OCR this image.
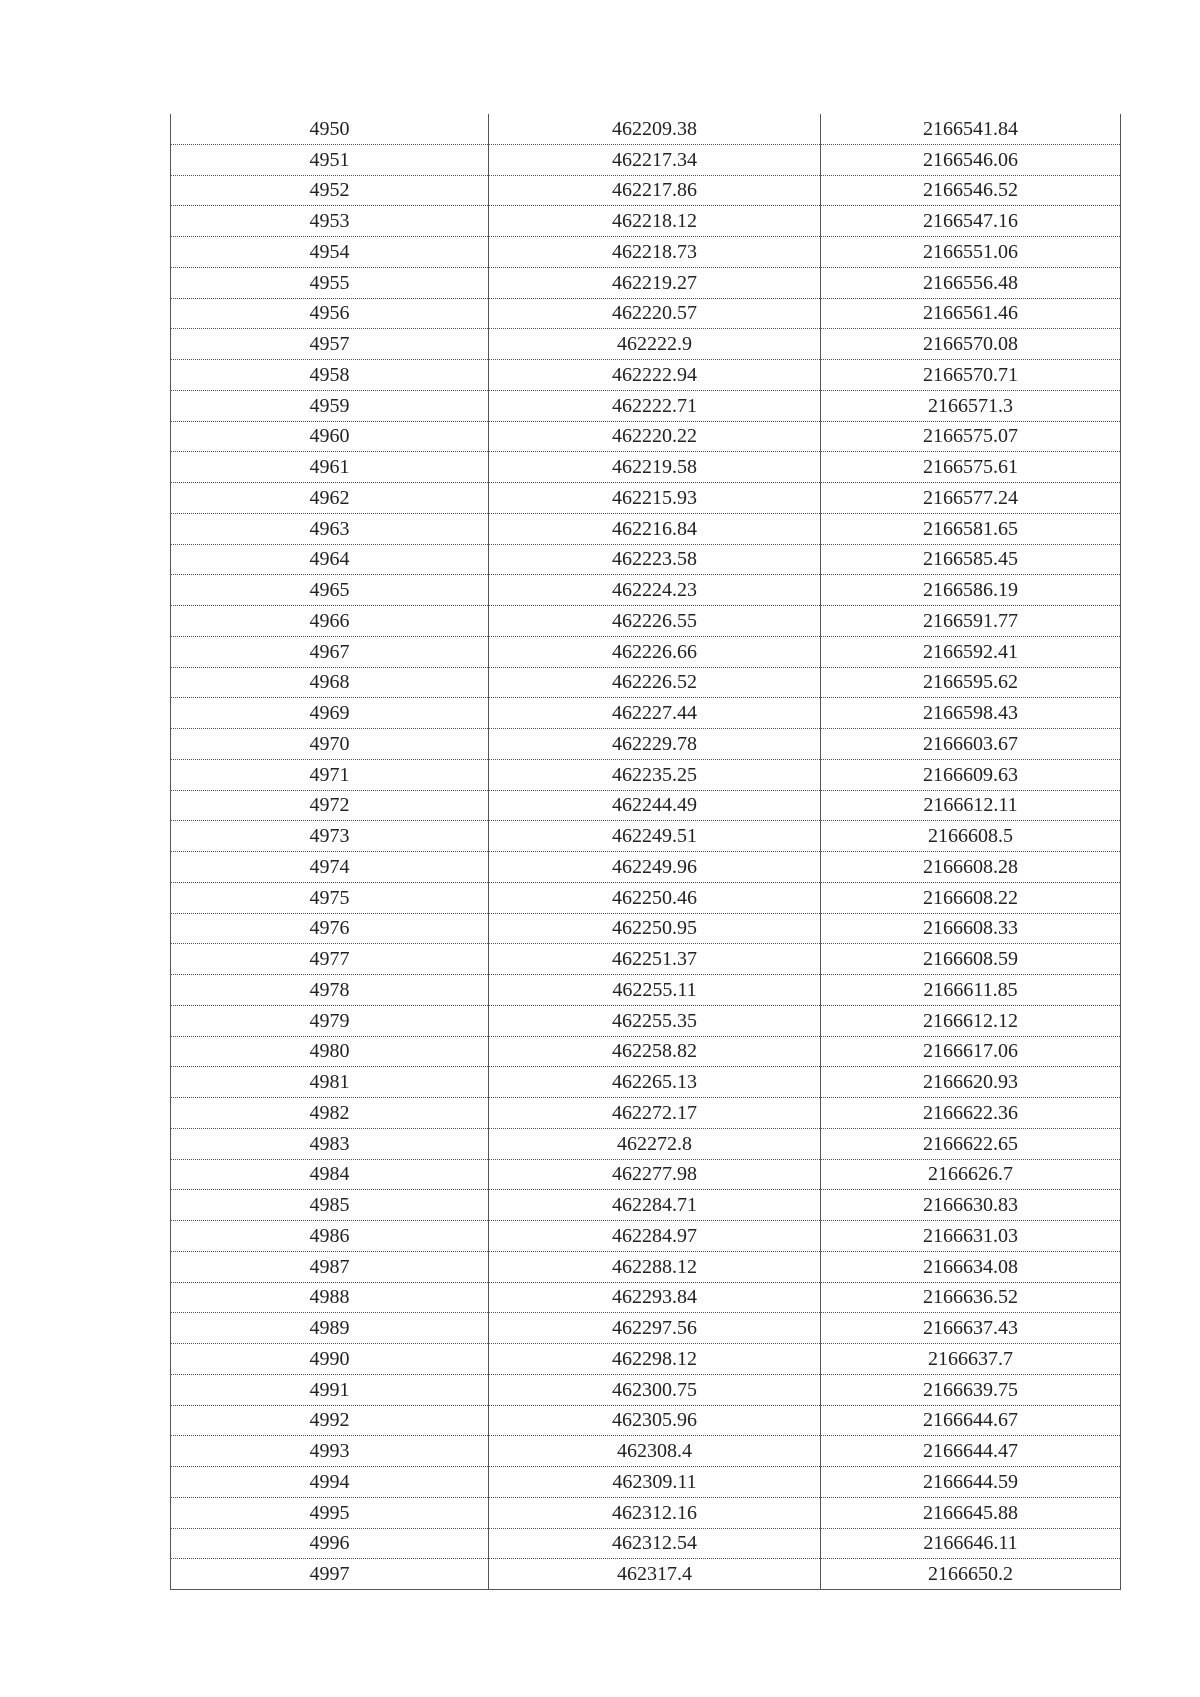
4950	462209.38	2166541.84
4951	462217.34	2166546.06
4952	462217.86	2166546.52
4953	462218.12	2166547.16
4954	462218.73	2166551.06
4955	462219.27	2166556.48
4956	462220.57	2166561.46
4957	462222.9	2166570.08
4958	462222.94	2166570.71
4959	462222.71	2166571.3
4960	462220.22	2166575.07
4961	462219.58	2166575.61
4962	462215.93	2166577.24
4963	462216.84	2166581.65
4964	462223.58	2166585.45
4965	462224.23	2166586.19
4966	462226.55	2166591.77
4967	462226.66	2166592.41
4968	462226.52	2166595.62
4969	462227.44	2166598.43
4970	462229.78	2166603.67
4971	462235.25	2166609.63
4972	462244.49	2166612.11
4973	462249.51	2166608.5
4974	462249.96	2166608.28
4975	462250.46	2166608.22
4976	462250.95	2166608.33
4977	462251.37	2166608.59
4978	462255.11	2166611.85
4979	462255.35	2166612.12
4980	462258.82	2166617.06
4981	462265.13	2166620.93
4982	462272.17	2166622.36
4983	462272.8	2166622.65
4984	462277.98	2166626.7
4985	462284.71	2166630.83
4986	462284.97	2166631.03
4987	462288.12	2166634.08
4988	462293.84	2166636.52
4989	462297.56	2166637.43
4990	462298.12	2166637.7
4991	462300.75	2166639.75
4992	462305.96	2166644.67
4993	462308.4	2166644.47
4994	462309.11	2166644.59
4995	462312.16	2166645.88
4996	462312.54	2166646.11
4997	462317.4	2166650.2
